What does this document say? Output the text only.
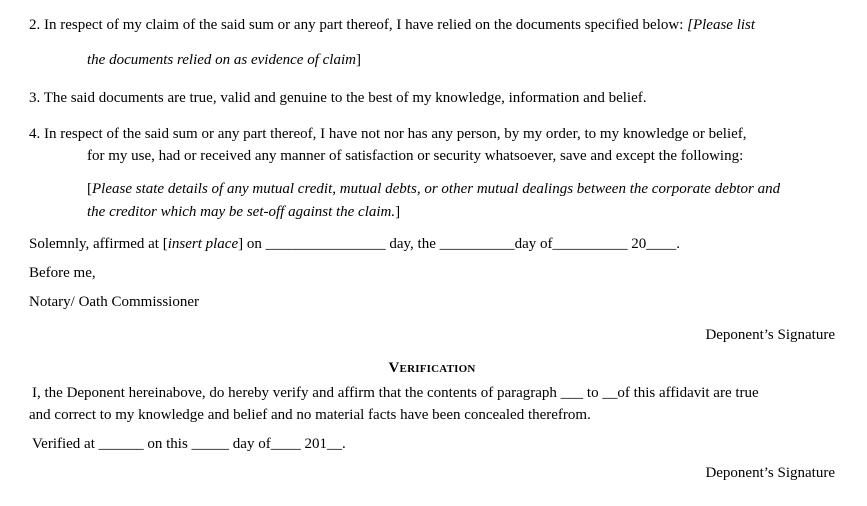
2. In respect of my claim of the said sum or any part thereof, I have relied on the documents specified below: [Please list
the documents relied on as evidence of claim]
3. The said documents are true, valid and genuine to the best of my knowledge, information and belief.
4. In respect of the said sum or any part thereof, I have not nor has any person, by my order, to my knowledge or belief,
for my use, had or received any manner of satisfaction or security whatsoever, save and except the following:
[Please state details of any mutual credit, mutual debts, or other mutual dealings between the corporate debtor and
the creditor which may be set-off against the claim.]
Solemnly, affirmed at [insert place] on ________________ day, the __________day of__________ 20____.
Before me,
Notary/ Oath Commissioner
Deponent’s Signature
Verification
I, the Deponent hereinabove, do hereby verify and affirm that the contents of paragraph ___ to __of this affidavit are true
and correct to my knowledge and belief and no material facts have been concealed therefrom.
Verified at ______ on this _____ day of____ 201__.
Deponent’s Signature
